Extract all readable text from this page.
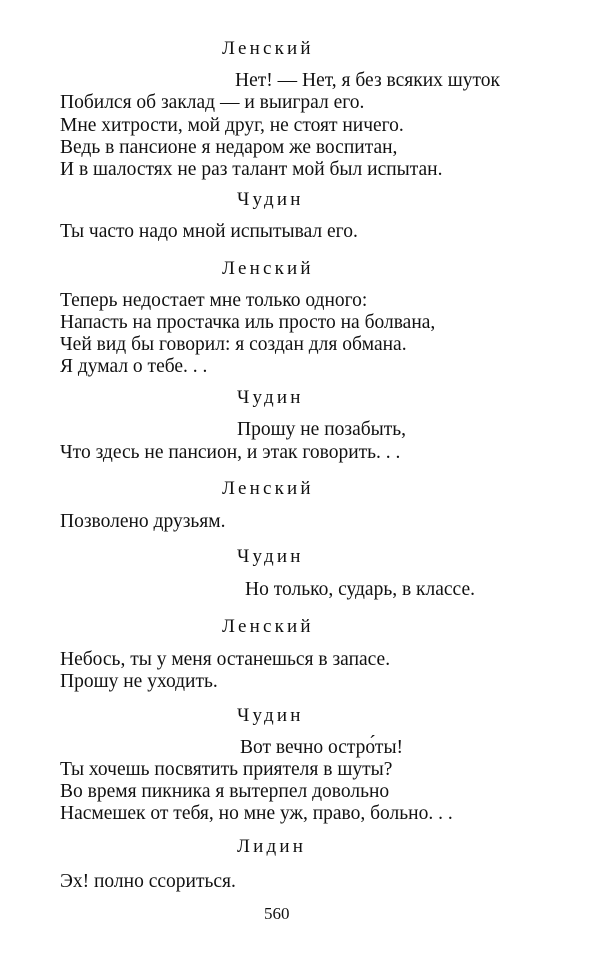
Ленский
Нет! — Нет, я без всяких шуток
Побился об заклад — и выиграл его.
Мне хитрости, мой друг, не стоят ничего.
Ведь в пансионе я недаром же воспитан,
И в шалостях не раз талант мой был испытан.
Чудин
Ты часто надо мной испытывал его.
Ленский
Теперь недостает мне только одного:
Напасть на простачка иль просто на болвана,
Чей вид бы говорил: я создан для обмана.
Я думал о тебе. . .
Чудин
Прошу не позабыть,
Что здесь не пансион, и этак говорить. . .
Ленский
Позволено друзьям.
Чудин
Но только, сударь, в классе.
Ленский
Небось, ты у меня останешься в запасе.
Прошу не уходить.
Чудин
Вот вечно остро́ты!
Ты хочешь посвятить приятеля в шуты?
Во время пикника я вытерпел довольно
Насмешек от тебя, но мне уж, право, больно. . .
Лидин
Эх! полно ссориться.
560
